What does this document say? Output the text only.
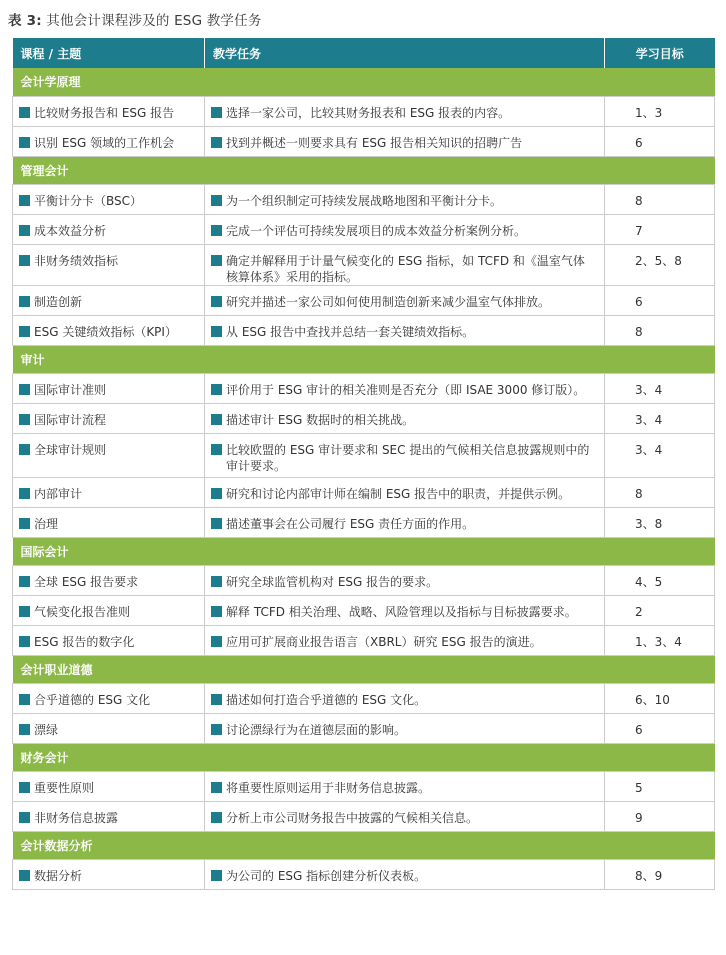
表 3: 其他会计课程涉及的 ESG 教学任务
课程 / 主题	教学任务	学习目标
会计学原理		

比较财务报告和 ESG 报告	选择一家公司，比较其财务报表和 ESG 报表的内容。	1、3

识别 ESG 领域的工作机会	找到并概述一则要求具有 ESG 报告相关知识的招聘广告	6

管理会计		

平衡计分卡（BSC）	为一个组织制定可持续发展战略地图和平衡计分卡。	8

成本效益分析	完成一个评估可持续发展项目的成本效益分析案例分析。	7

非财务绩效指标	确定并解释用于计量气候变化的 ESG 指标，如 TCFD 和《温室气体核算体系》采用的指标。	2、5、8

制造创新	研究并描述一家公司如何使用制造创新来减少温室气体排放。	6

ESG 关键绩效指标（KPI）	从 ESG 报告中查找并总结一套关键绩效指标。	8

审计		

国际审计准则	评价用于 ESG 审计的相关准则是否充分（即 ISAE 3000 修订版）。	3、4

国际审计流程	描述审计 ESG 数据时的相关挑战。	3、4

全球审计规则	比较欧盟的 ESG 审计要求和 SEC 提出的气候相关信息披露规则中的审计要求。	3、4

内部审计	研究和讨论内部审计师在编制 ESG 报告中的职责，并提供示例。	8

治理	描述董事会在公司履行 ESG 责任方面的作用。	3、8

国际会计		

全球 ESG 报告要求	研究全球监管机构对 ESG 报告的要求。	4、5

气候变化报告准则	解释 TCFD 相关治理、战略、风险管理以及指标与目标披露要求。	2

ESG 报告的数字化	应用可扩展商业报告语言（XBRL）研究 ESG 报告的演进。	1、3、4

会计职业道德		

合乎道德的 ESG 文化	描述如何打造合乎道德的 ESG 文化。	6、10

漂绿	讨论漂绿行为在道德层面的影响。	6

财务会计		

重要性原则	将重要性原则运用于非财务信息披露。	5

非财务信息披露	分析上市公司财务报告中披露的气候相关信息。	9

会计数据分析		

数据分析	为公司的 ESG 指标创建分析仪表板。	8、9
